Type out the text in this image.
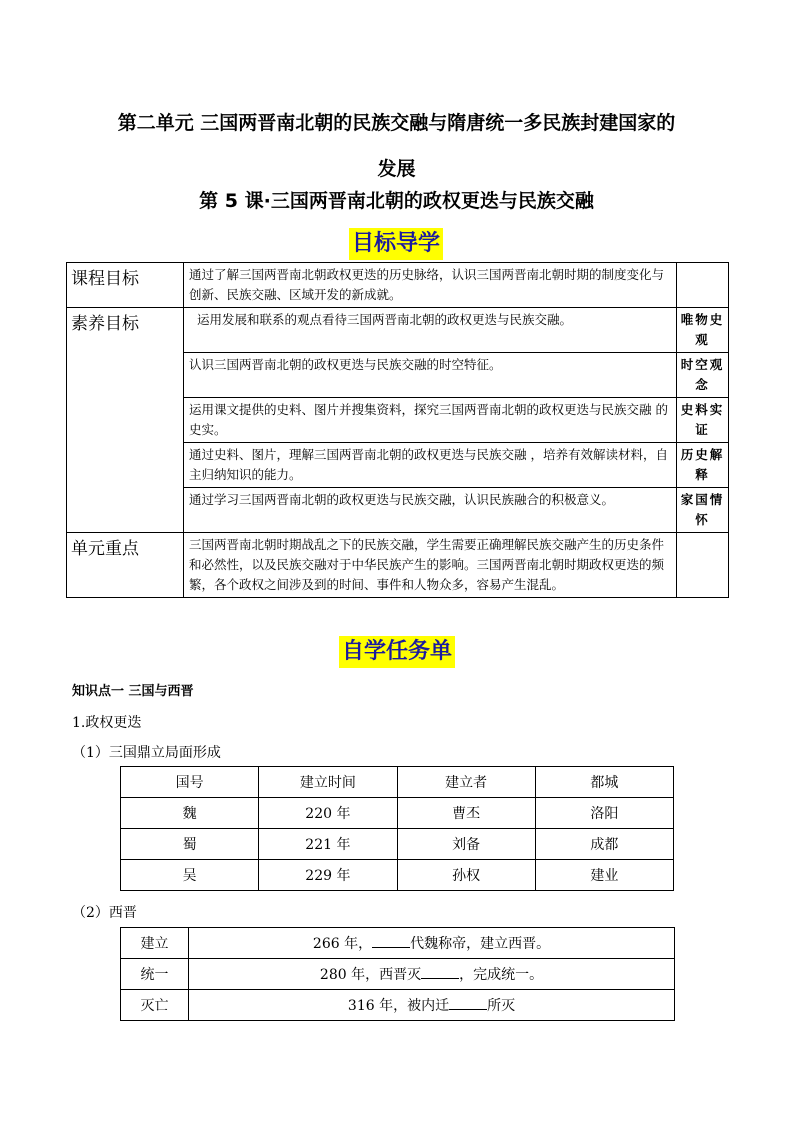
第二单元 三国两晋南北朝的民族交融与隋唐统一多民族封建国家的
发展
第 5 课·三国两晋南北朝的政权更迭与民族交融
目标导学
课程目标	通过了解三国两晋南北朝政权更迭的历史脉络，认识三国两晋南北朝时期的制度变化与创新、民族交融、区域开发的新成就。	
素养目标	运用发展和联系的观点看待三国两晋南北朝的政权更迭与民族交融。	唯物史观
	认识三国两晋南北朝的政权更迭与民族交融的时空特征。	时空观念
	运用课文提供的史料、图片并搜集资料，探究三国两晋南北朝的政权更迭与民族交融 的史实。	史料实证
	通过史料、图片，理解三国两晋南北朝的政权更迭与民族交融 ，培养有效解读材料，自主归纳知识的能力。	历史解释
	通过学习三国两晋南北朝的政权更迭与民族交融，认识民族融合的积极意义。	家国情怀
单元重点	三国两晋南北朝时期战乱之下的民族交融，学生需要正确理解民族交融产生的历史条件和必然性，以及民族交融对于中华民族产生的影响。三国两晋南北朝时期政权更迭的频繁，各个政权之间涉及到的时间、事件和人物众多，容易产生混乱。	
自学任务单
知识点一 三国与西晋
1.政权更迭
（1）三国鼎立局面形成
国号	建立时间	建立者	都城
魏	220 年	曹丕	洛阳
蜀	221 年	刘备	成都
吴	229 年	孙权	建业
（2）西晋
建立	266 年， 代魏称帝，建立西晋。
统一	280 年，西晋灭 ，完成统一。
灭亡	316 年，被内迁 所灭
